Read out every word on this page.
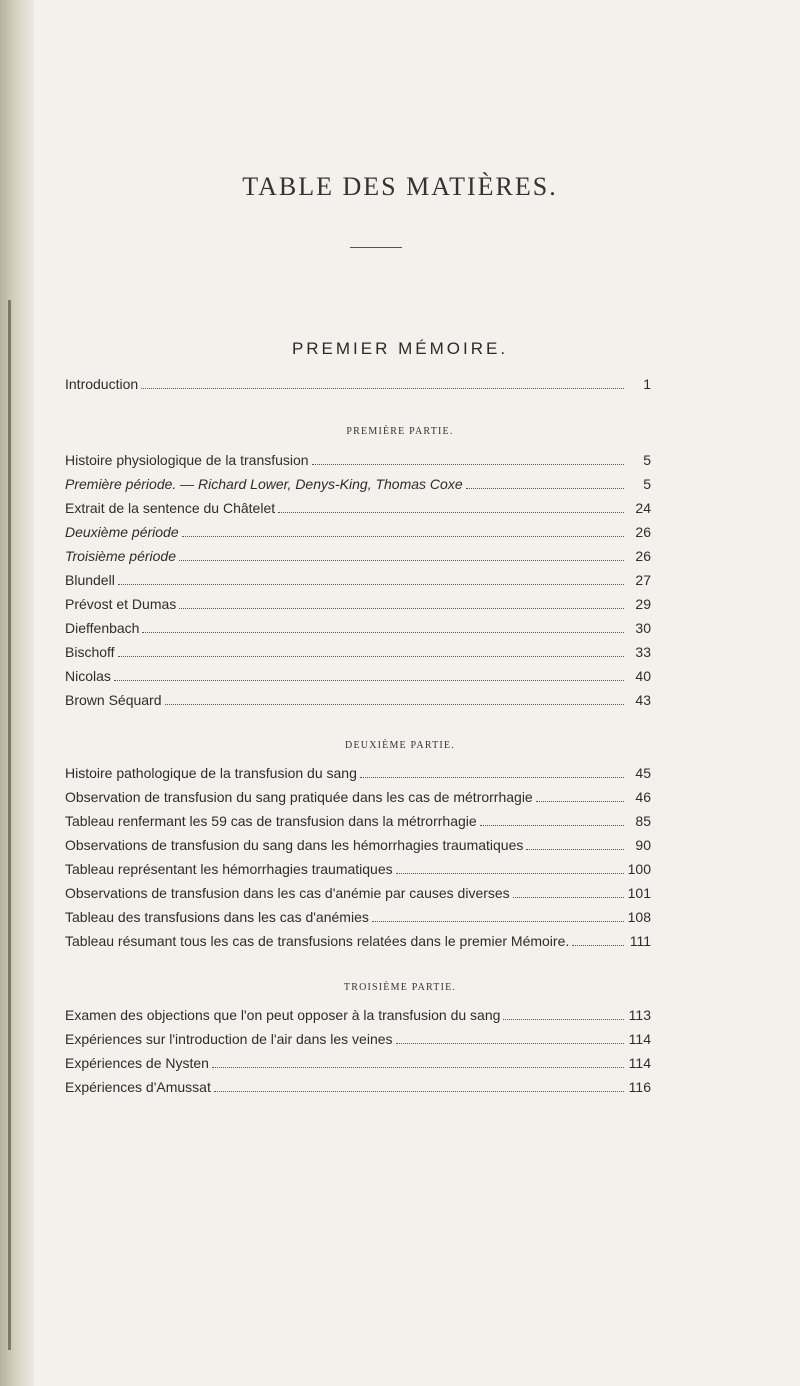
TABLE DES MATIÈRES.
PREMIER MÉMOIRE.
Introduction	1
PREMIÈRE PARTIE.
Histoire physiologique de la transfusion	5
Première période. — Richard Lower, Denys-King, Thomas Coxe	5
Extrait de la sentence du Châtelet	24
Deuxième période	26
Troisième période	26
Blundell	27
Prévost et Dumas	29
Dieffenbach	30
Bischoff	33
Nicolas	40
Brown Séquard	43
DEUXIÈME PARTIE.
Histoire pathologique de la transfusion du sang	45
Observation de transfusion du sang pratiquée dans les cas de métrorrhagie	46
Tableau renfermant les 59 cas de transfusion dans la métrorrhagie	85
Observations de transfusion du sang dans les hémorrhagies traumatiques	90
Tableau représentant les hémorrhagies traumatiques	100
Observations de transfusion dans les cas d'anémie par causes diverses	101
Tableau des transfusions dans les cas d'anémies	108
Tableau résumant tous les cas de transfusions relatées dans le premier Mémoire.	111
TROISIÈME PARTIE.
Examen des objections que l'on peut opposer à la transfusion du sang	113
Expériences sur l'introduction de l'air dans les veines	114
Expériences de Nysten	114
Expériences d'Amussat	116
